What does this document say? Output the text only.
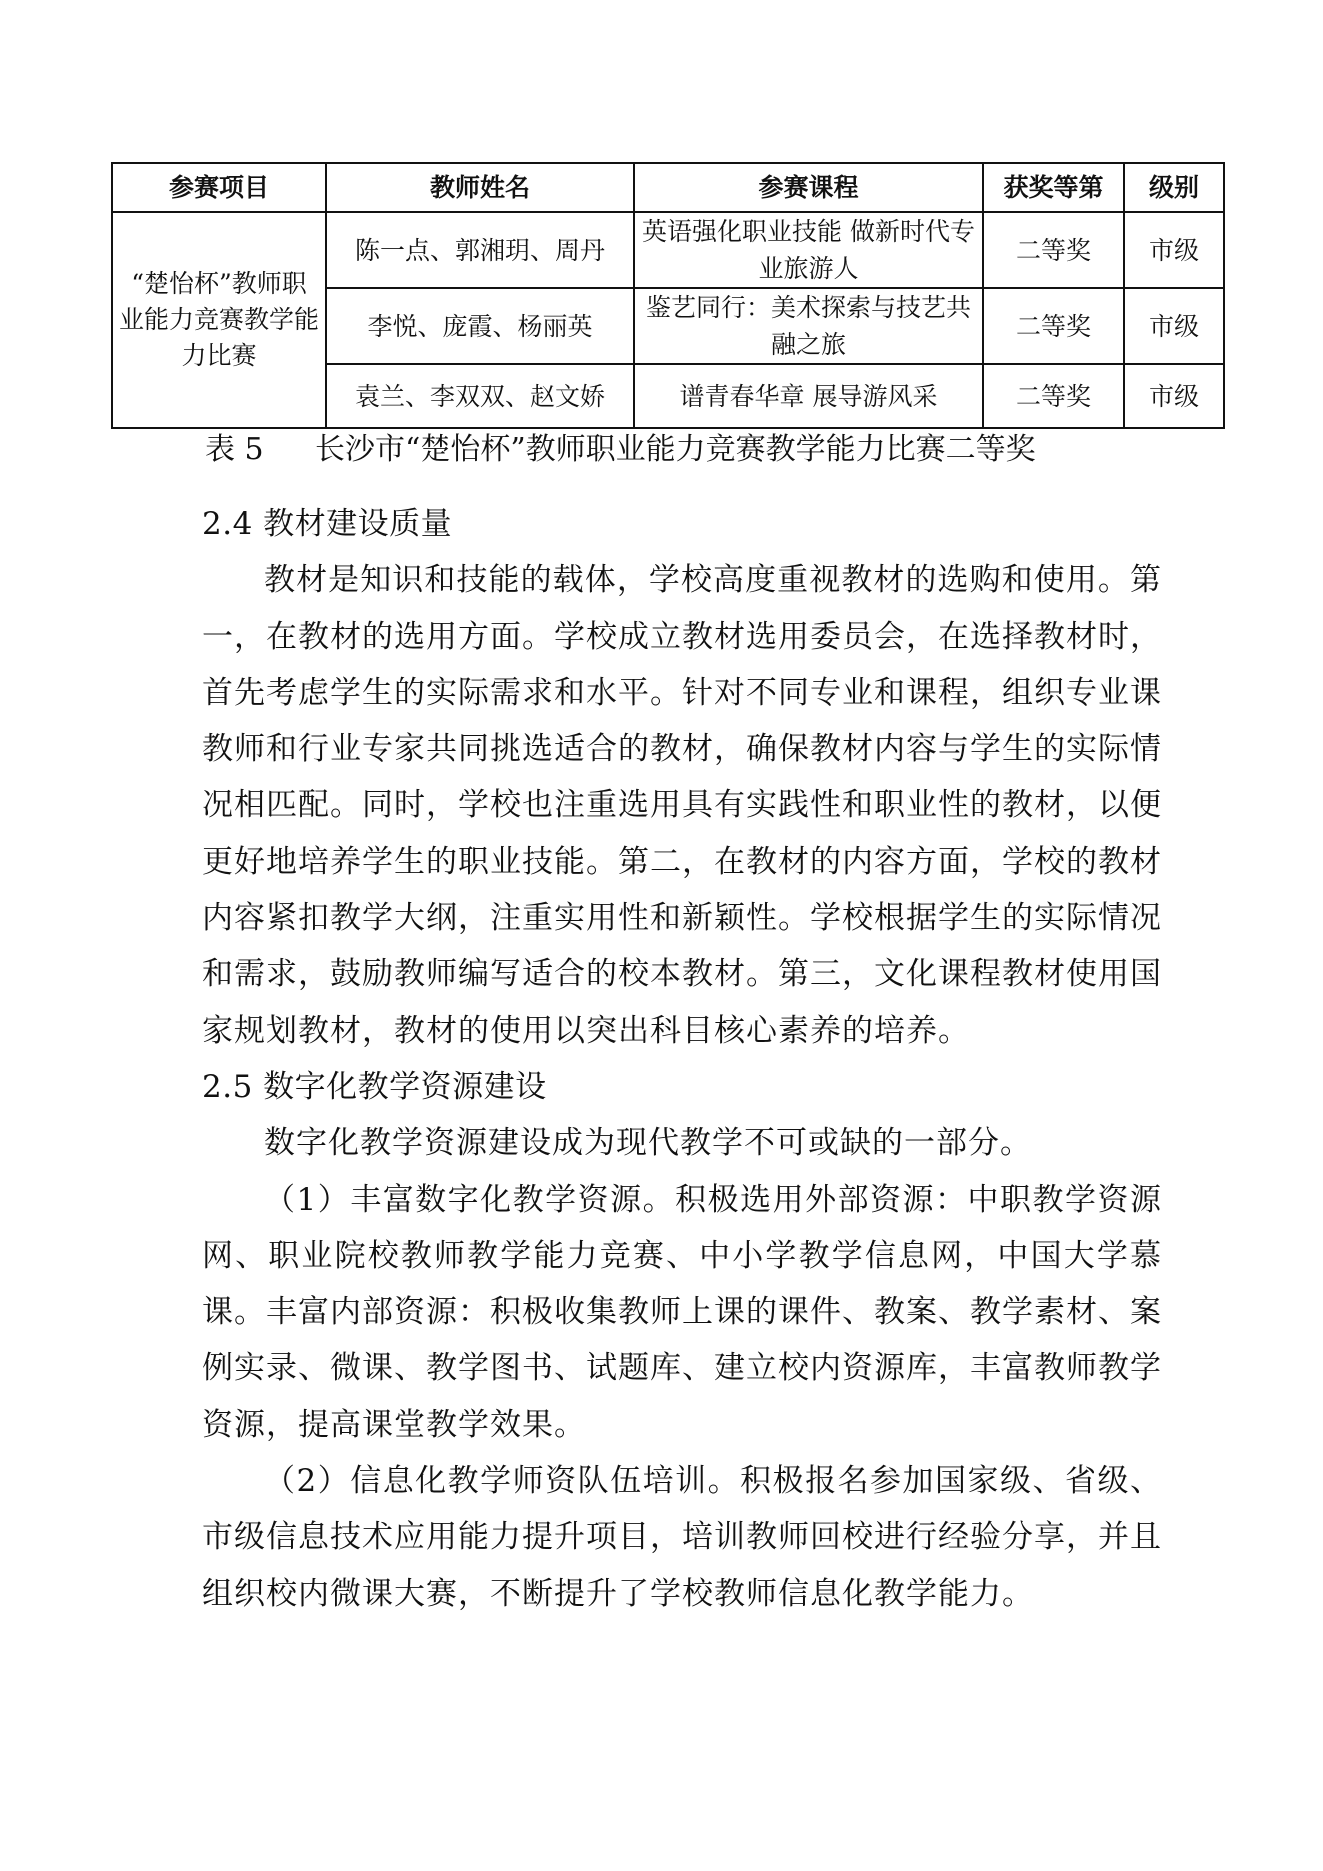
参赛项目	教师姓名	参赛课程	获奖等第	级别
“楚怡杯”教师职业能力竞赛教学能力比赛	陈一点、郭湘玥、周丹	英语强化职业技能 做新时代专业旅游人	二等奖	市级
	李悦、庞霞、杨丽英	鉴艺同行：美术探索与技艺共融之旅	二等奖	市级
	袁兰、李双双、赵文娇	谱青春华章 展导游风采	二等奖	市级
表 5 长沙市“楚怡杯”教师职业能力竞赛教学能力比赛二等奖

2.4 教材建设质量

教材是知识和技能的载体，学校高度重视教材的选购和使用。第一，在教材的选用方面。学校成立教材选用委员会，在选择教材时，首先考虑学生的实际需求和水平。针对不同专业和课程，组织专业课教师和行业专家共同挑选适合的教材，确保教材内容与学生的实际情况相匹配。同时，学校也注重选用具有实践性和职业性的教材，以便更好地培养学生的职业技能。第二，在教材的内容方面，学校的教材内容紧扣教学大纲，注重实用性和新颖性。学校根据学生的实际情况和需求，鼓励教师编写适合的校本教材。第三，文化课程教材使用国家规划教材，教材的使用以突出科目核心素养的培养。

2.5 数字化教学资源建设

数字化教学资源建设成为现代教学不可或缺的一部分。

（1）丰富数字化教学资源。积极选用外部资源：中职教学资源网、职业院校教师教学能力竞赛、中小学教学信息网，中国大学慕课。丰富内部资源：积极收集教师上课的课件、教案、教学素材、案例实录、微课、教学图书、试题库、建立校内资源库，丰富教师教学资源，提高课堂教学效果。

（2）信息化教学师资队伍培训。积极报名参加国家级、省级、市级信息技术应用能力提升项目，培训教师回校进行经验分享，并且组织校内微课大赛，不断提升了学校教师信息化教学能力。
